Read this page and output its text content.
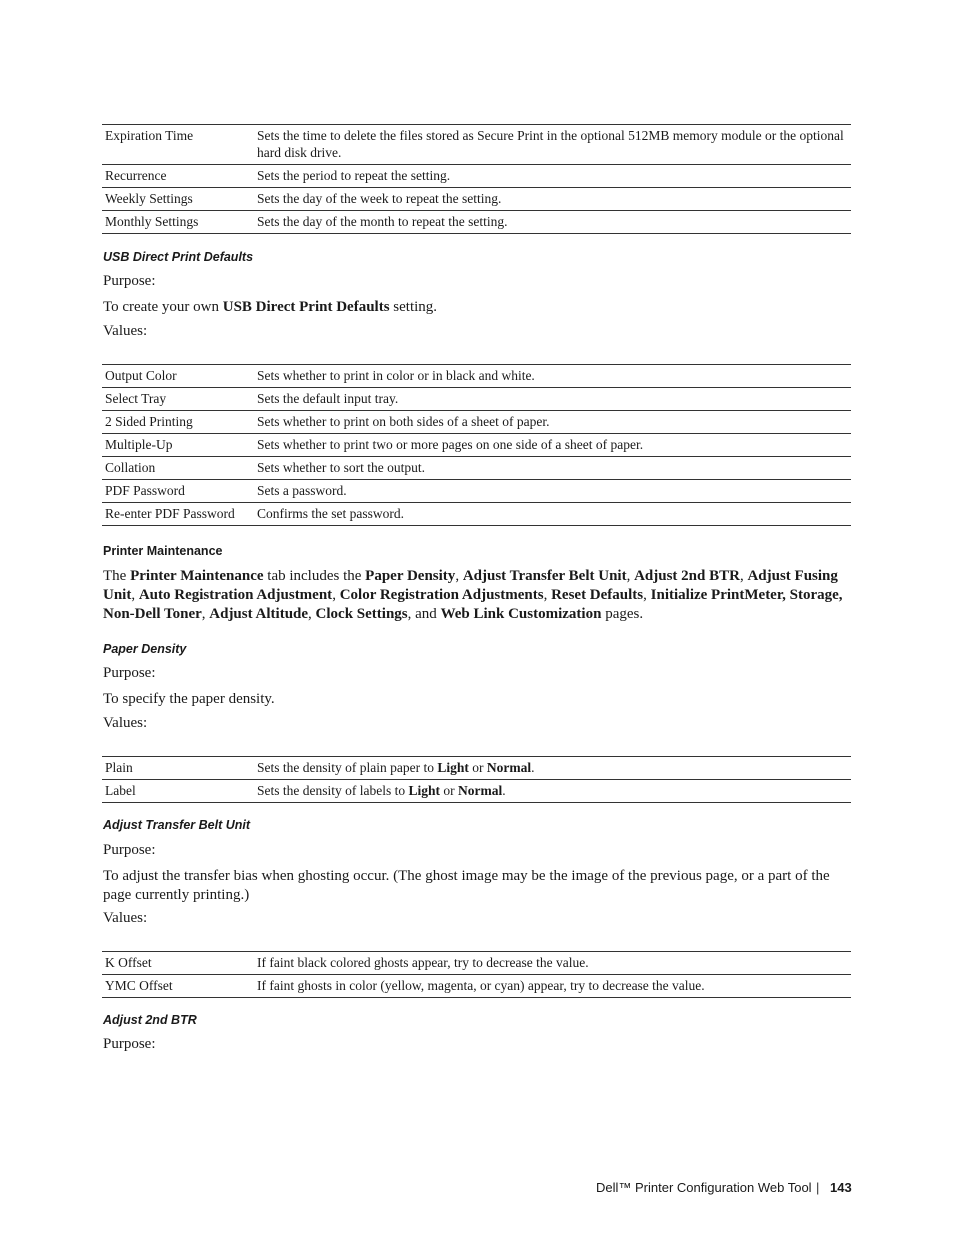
Expiration Time	Sets the time to delete the files stored as Secure Print in the optional 512MB memory module or the optional hard disk drive.
Recurrence	Sets the period to repeat the setting.
Weekly Settings	Sets the day of the week to repeat the setting.
Monthly Settings	Sets the day of the month to repeat the setting.
USB Direct Print Defaults
Purpose:
To create your own USB Direct Print Defaults setting.
Values:
Output Color	Sets whether to print in color or in black and white.
Select Tray	Sets the default input tray.
2 Sided Printing	Sets whether to print on both sides of a sheet of paper.
Multiple-Up	Sets whether to print two or more pages on one side of a sheet of paper.
Collation	Sets whether to sort the output.
PDF Password	Sets a password.
Re-enter PDF Password	Confirms the set password.
Printer Maintenance
The Printer Maintenance tab includes the Paper Density, Adjust Transfer Belt Unit, Adjust 2nd BTR, Adjust Fusing Unit, Auto Registration Adjustment, Color Registration Adjustments, Reset Defaults, Initialize PrintMeter, Storage, Non-Dell Toner, Adjust Altitude, Clock Settings, and Web Link Customization pages.
Paper Density
Purpose:
To specify the paper density.
Values:
Plain	Sets the density of plain paper to Light or Normal.
Label	Sets the density of labels to Light or Normal.
Adjust Transfer Belt Unit
Purpose:
To adjust the transfer bias when ghosting occur. (The ghost image may be the image of the previous page, or a part of the page currently printing.)
Values:
K Offset	If faint black colored ghosts appear, try to decrease the value.
YMC Offset	If faint ghosts in color (yellow, magenta, or cyan) appear, try to decrease the value.
Adjust 2nd BTR
Purpose:
Dell™ Printer Configuration Web Tool | 143
